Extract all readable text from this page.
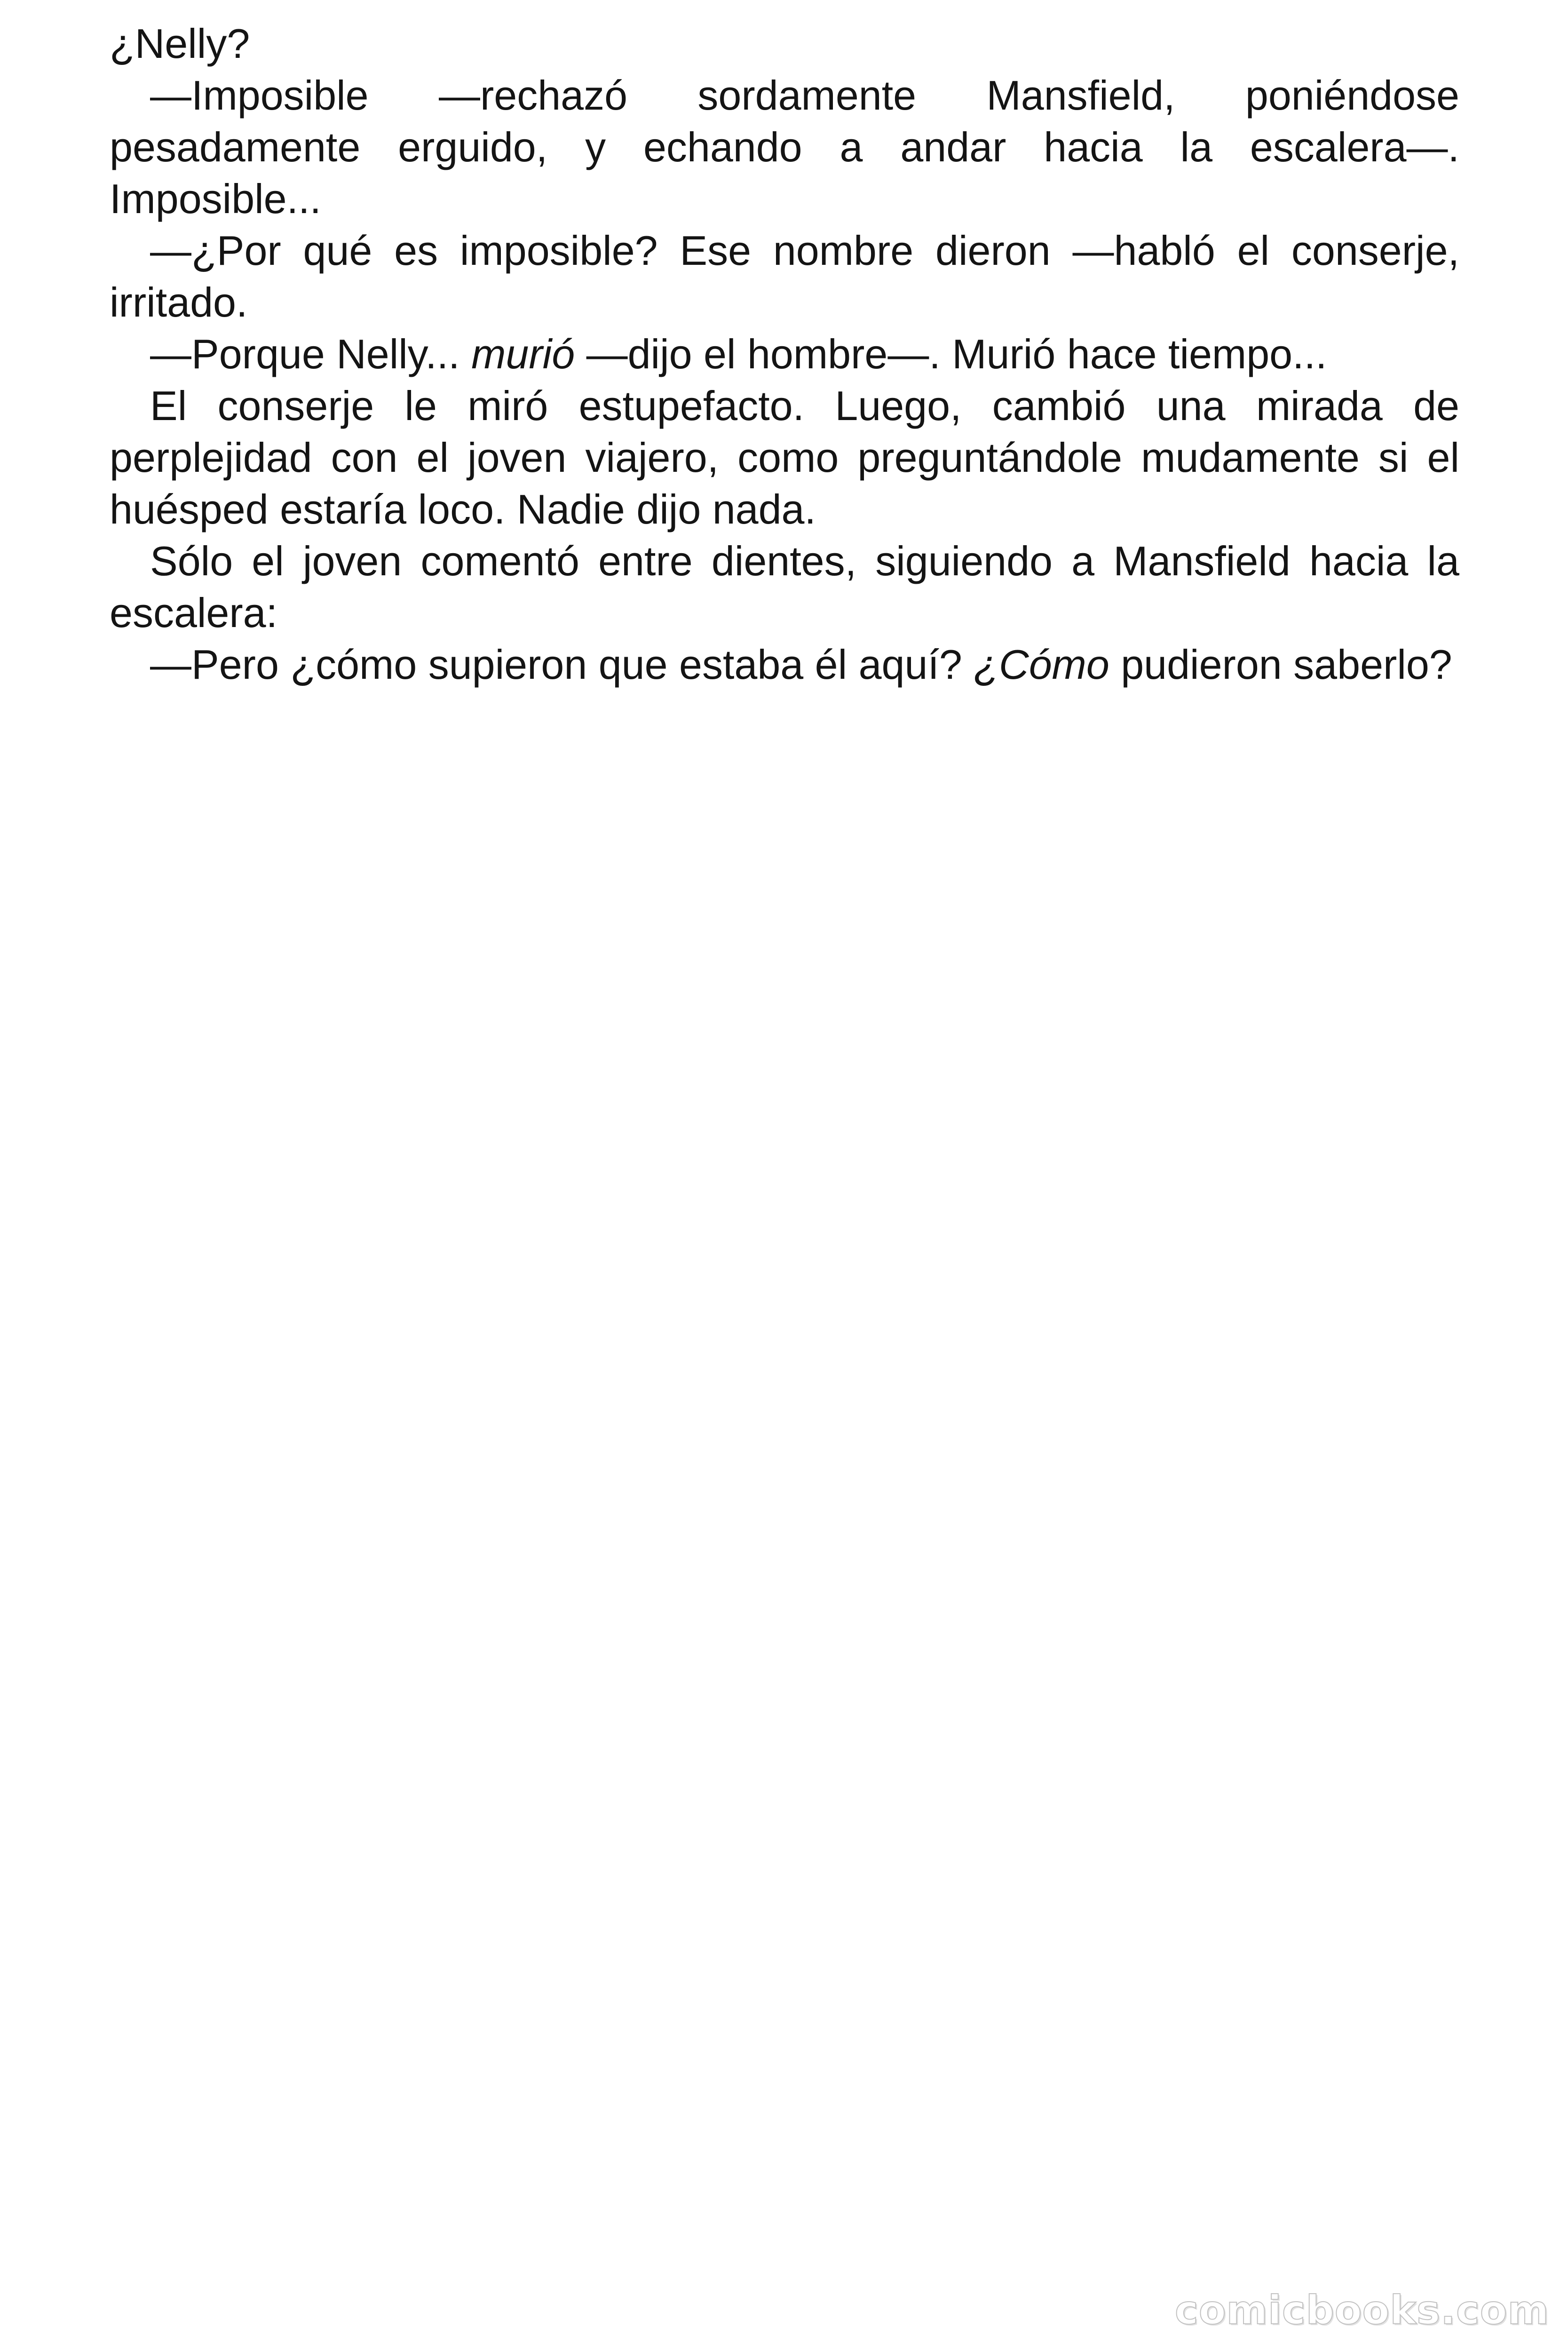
¿Nelly?

—Imposible —rechazó sordamente Mansfield, poniéndose pesadamente erguido, y echando a andar hacia la escalera—. Imposible...

—¿Por qué es imposible? Ese nombre dieron —habló el conserje, irritado.

—Porque Nelly... murió —dijo el hombre—. Murió hace tiempo...

El conserje le miró estupefacto. Luego, cambió una mirada de perplejidad con el joven viajero, como preguntándole mudamente si el huésped estaría loco. Nadie dijo nada.

Sólo el joven comentó entre dientes, siguiendo a Mansfield hacia la escalera:

—Pero ¿cómo supieron que estaba él aquí? ¿Cómo pudieron saberlo?

comicbooks.com
